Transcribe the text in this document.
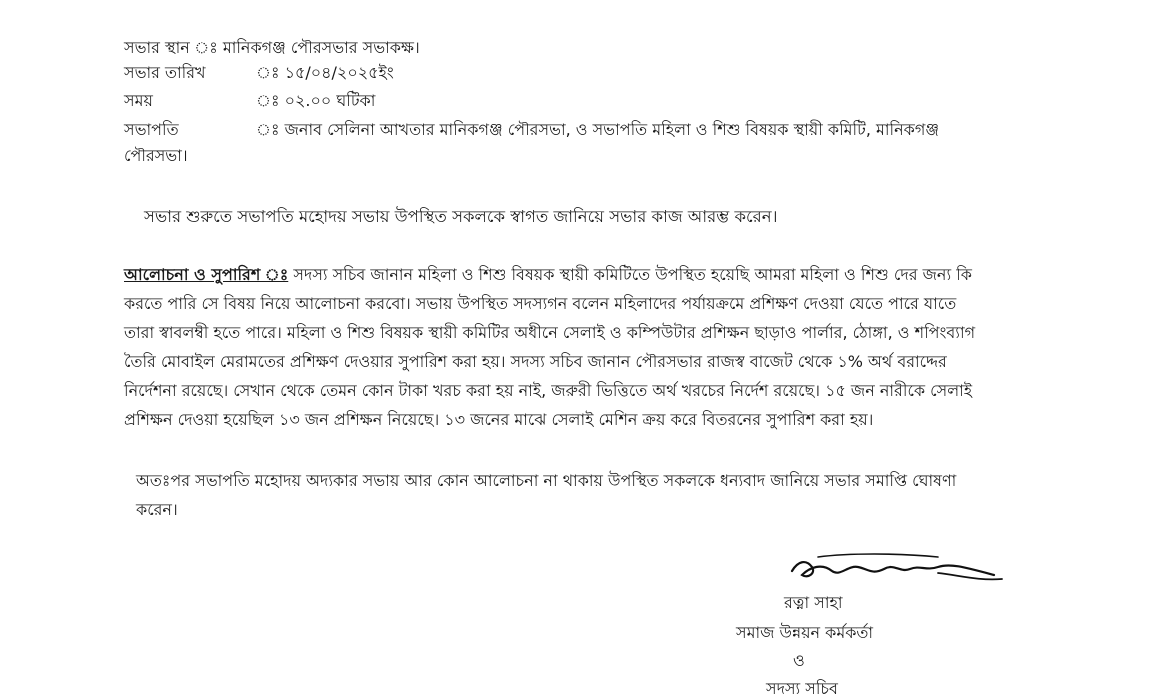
সভার স্থান ঃ মানিকগঞ্জ পৌরসভার সভাকক্ষ।
সভার তারিখ	ঃ ১৫/০৪/২০২৫ইং
সময়	ঃ ০২.০০ ঘটিকা
সভাপতি	ঃ জনাব সেলিনা আখতার মানিকগঞ্জ পৌরসভা, ও সভাপতি মহিলা ও শিশু বিষয়ক স্থায়ী কমিটি, মানিকগঞ্জ
পৌরসভা।
সভার শুরুতে সভাপতি মহোদয় সভায় উপস্থিত সকলকে স্বাগত জানিয়ে সভার কাজ আরম্ভ করেন।
আলোচনা ও সুপারিশ ঃ সদস্য সচিব জানান মহিলা ও শিশু বিষয়ক স্থায়ী কমিটিতে উপস্থিত হয়েছি আমরা মহিলা ও শিশু দের জন্য কি
করতে পারি সে বিষয় নিয়ে আলোচনা করবো। সভায় উপস্থিত সদস্যগন বলেন মহিলাদের পর্যায়ক্রমে প্রশিক্ষণ দেওয়া যেতে পারে যাতে
তারা স্বাবলম্বী হতে পারে। মহিলা ও শিশু বিষয়ক স্থায়ী কমিটির অধীনে সেলাই ও কম্পিউটার প্রশিক্ষন ছাড়াও পার্লার, ঠোঙ্গা, ও শপিংব্যাগ
তৈরি মোবাইল মেরামতের প্রশিক্ষণ দেওয়ার সুপারিশ করা হয়। সদস্য সচিব জানান পৌরসভার রাজস্ব বাজেট থেকে ১% অর্থ বরাদ্দের
নির্দেশনা রয়েছে। সেখান থেকে তেমন কোন টাকা খরচ করা হয় নাই, জরুরী ভিত্তিতে অর্থ খরচের নির্দেশ রয়েছে। ১৫ জন নারীকে সেলাই
প্রশিক্ষন দেওয়া হয়েছিল ১৩ জন প্রশিক্ষন নিয়েছে। ১৩ জনের মাঝে সেলাই মেশিন ক্রয় করে বিতরনের সুপারিশ করা হয়।
অতঃপর সভাপতি মহোদয় অদ্যকার সভায় আর কোন আলোচনা না থাকায় উপস্থিত সকলকে ধন্যবাদ জানিয়ে সভার সমাপ্তি ঘোষণা
করেন।
রত্না সাহা
সমাজ উন্নয়ন কর্মকর্তা
ও
সদস্য সচিব
